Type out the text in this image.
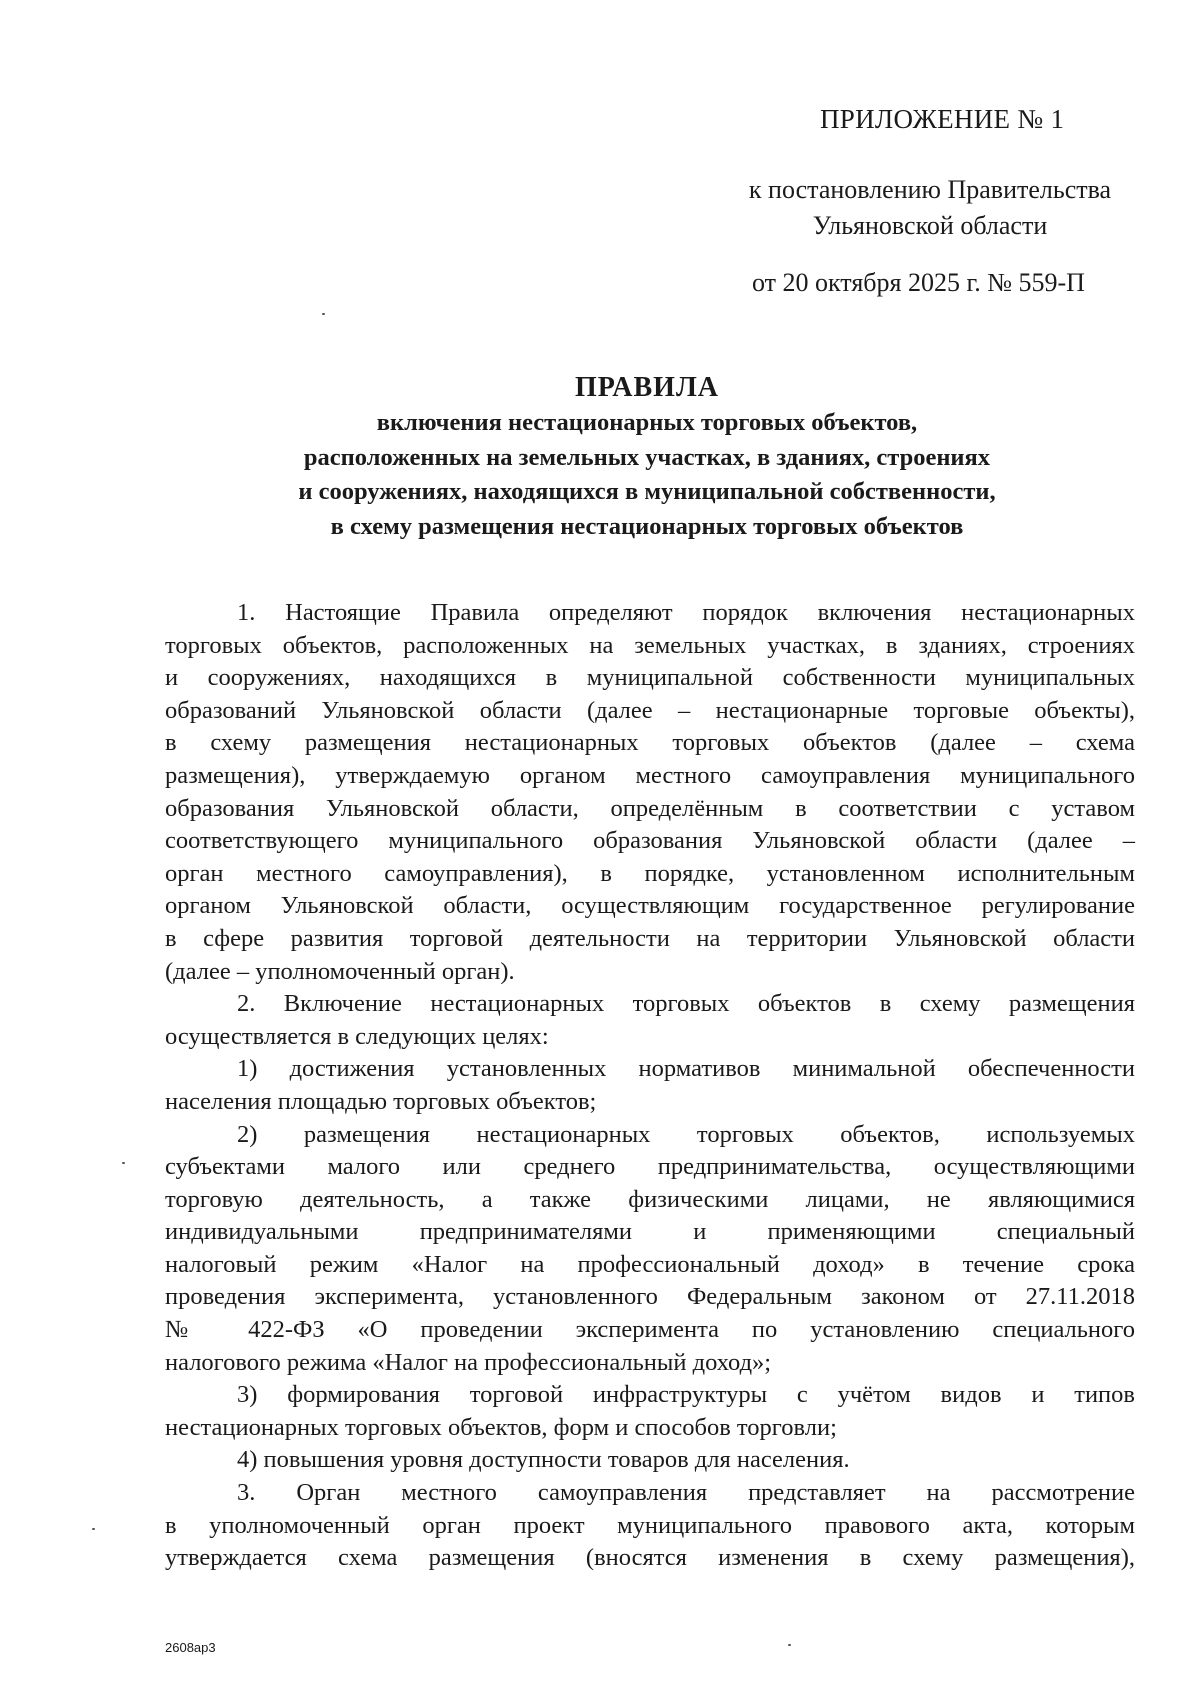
ПРИЛОЖЕНИЕ № 1
к постановлению Правительства
Ульяновской области
от 20 октября 2025 г. № 559-П
ПРАВИЛА
включения нестационарных торговых объектов,
расположенных на земельных участках, в зданиях, строениях
и сооружениях, находящихся в муниципальной собственности,
в схему размещения нестационарных торговых объектов
1. Настоящие Правила определяют порядок включения нестационарных
торговых объектов, расположенных на земельных участках, в зданиях, строениях
и сооружениях, находящихся в муниципальной собственности муниципальных
образований Ульяновской области (далее – нестационарные торговые объекты),
в схему размещения нестационарных торговых объектов (далее – схема
размещения), утверждаемую органом местного самоуправления муниципального
образования Ульяновской области, определённым в соответствии с уставом
соответствующего муниципального образования Ульяновской области (далее –
орган местного самоуправления), в порядке, установленном исполнительным
органом Ульяновской области, осуществляющим государственное регулирование
в сфере развития торговой деятельности на территории Ульяновской области
(далее – уполномоченный орган).
2. Включение нестационарных торговых объектов в схему размещения
осуществляется в следующих целях:
1) достижения установленных нормативов минимальной обеспеченности
населения площадью торговых объектов;
2) размещения нестационарных торговых объектов, используемых
субъектами малого или среднего предпринимательства, осуществляющими
торговую деятельность, а также физическими лицами, не являющимися
индивидуальными предпринимателями и применяющими специальный
налоговый режим «Налог на профессиональный доход» в течение срока
проведения эксперимента, установленного Федеральным законом от 27.11.2018
№ 422-ФЗ «О проведении эксперимента по установлению специального
налогового режима «Налог на профессиональный доход»;
3) формирования торговой инфраструктуры с учётом видов и типов
нестационарных торговых объектов, форм и способов торговли;
4) повышения уровня доступности товаров для населения.
3. Орган местного самоуправления представляет на рассмотрение
в уполномоченный орган проект муниципального правового акта, которым
утверждается схема размещения (вносятся изменения в схему размещения),
2608ар3
